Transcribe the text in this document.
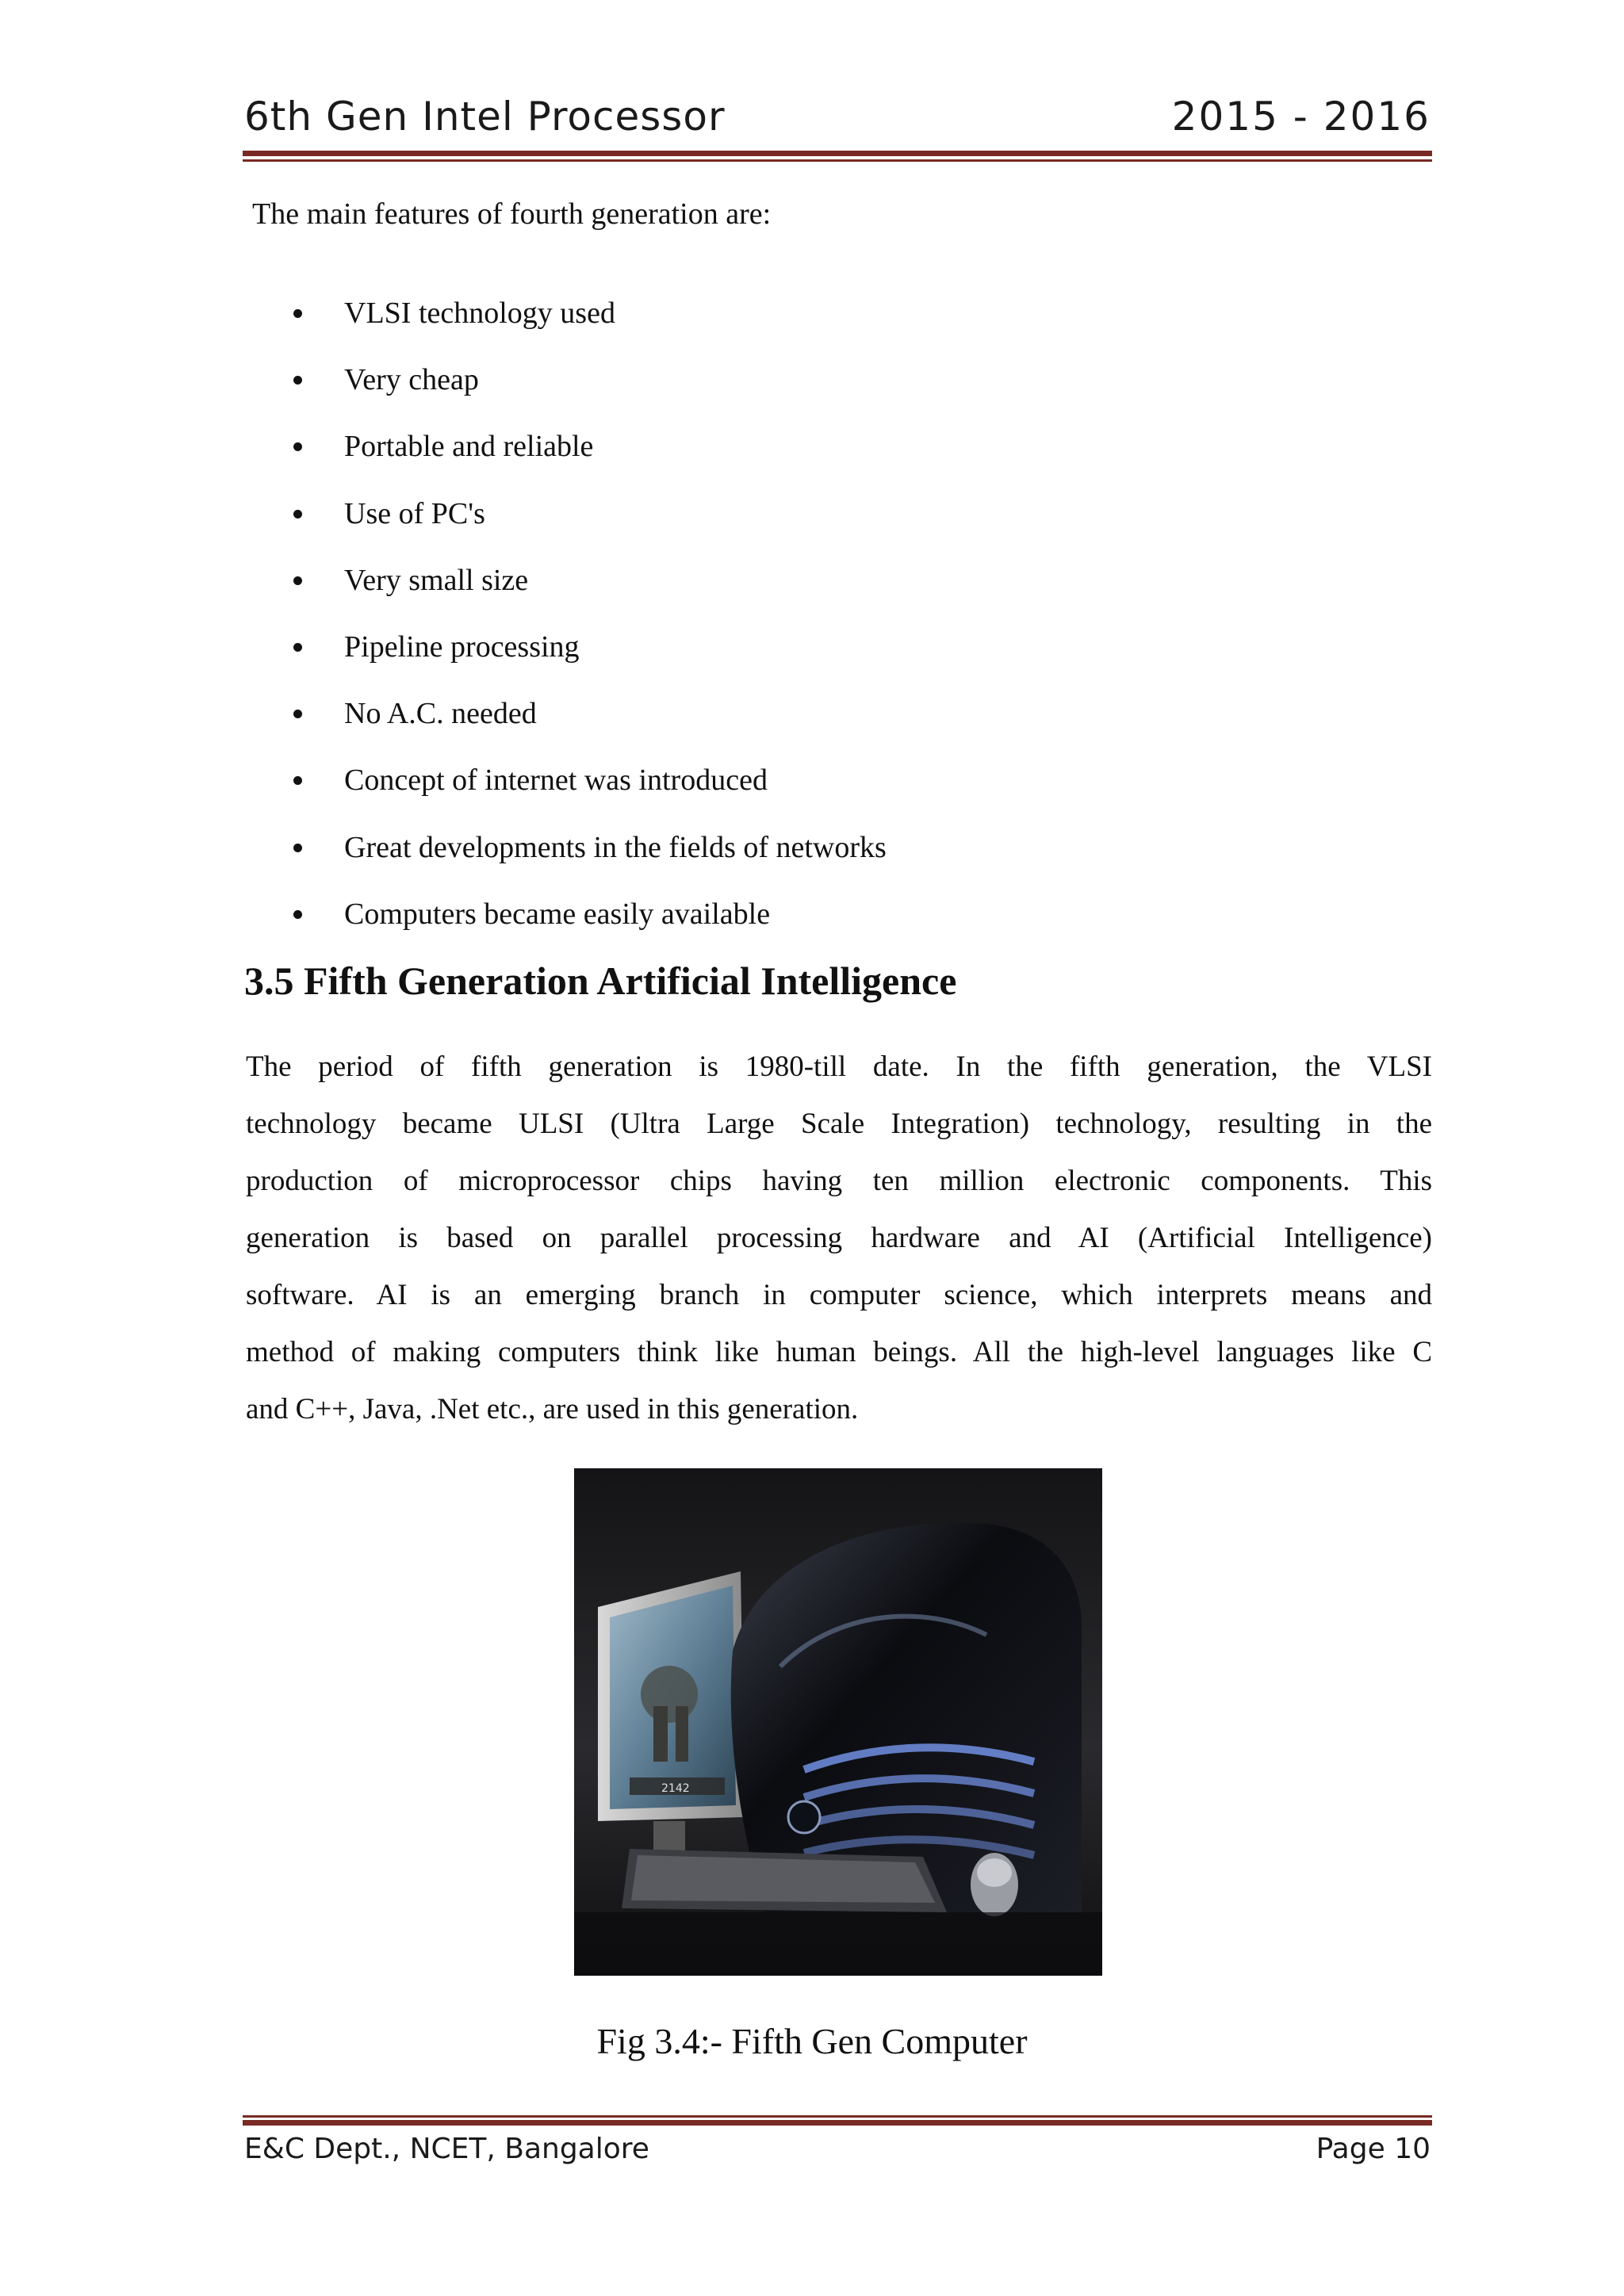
6th Gen Intel Processor	2015 - 2016
The main features of fourth generation are:
VLSI technology used
Very cheap
Portable and reliable
Use of PC's
Very small size
Pipeline processing
No A.C. needed
Concept of internet was introduced
Great developments in the fields of networks
Computers became easily available
3.5 Fifth Generation Artificial Intelligence
The period of fifth generation is 1980-till date. In the fifth generation, the VLSI
technology became ULSI (Ultra Large Scale Integration) technology, resulting in the
production of microprocessor chips having ten million electronic components. This
generation is based on parallel processing hardware and AI (Artificial Intelligence)
software. AI is an emerging branch in computer science, which interprets means and
method of making computers think like human beings. All the high-level languages like C
and C++, Java, .Net etc., are used in this generation.
2142
Fig 3.4:- Fifth Gen Computer
E&C Dept., NCET, Bangalore	Page 10
